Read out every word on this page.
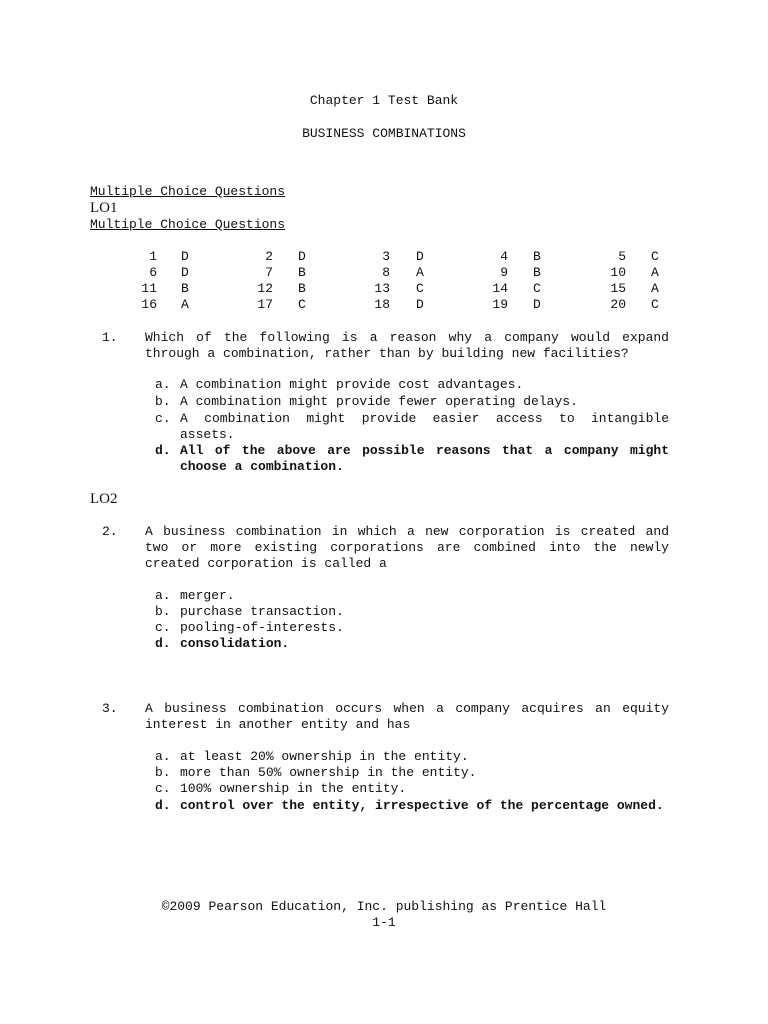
Chapter 1 Test Bank
BUSINESS COMBINATIONS
Multiple Choice Questions
LO1
Multiple Choice Questions
1 D	2 D	3 D	4 B	5 C
6 D	7 B	8 A	9 B	10 A
11 B	12 B	13 C	14 C	15 A
16 A	17 C	18 D	19 D	20 C
1. Which of the following is a reason why a company would expand through a combination, rather than by building new facilities?
a. A combination might provide cost advantages.
b. A combination might provide fewer operating delays.
c. A combination might provide easier access to intangible assets.
d. All of the above are possible reasons that a company might choose a combination.
LO2
2. A business combination in which a new corporation is created and two or more existing corporations are combined into the newly created corporation is called a
a. merger.
b. purchase transaction.
c. pooling-of-interests.
d. consolidation.
3. A business combination occurs when a company acquires an equity interest in another entity and has
a. at least 20% ownership in the entity.
b. more than 50% ownership in the entity.
c. 100% ownership in the entity.
d. control over the entity, irrespective of the percentage owned.
©2009 Pearson Education, Inc. publishing as Prentice Hall
1-1
